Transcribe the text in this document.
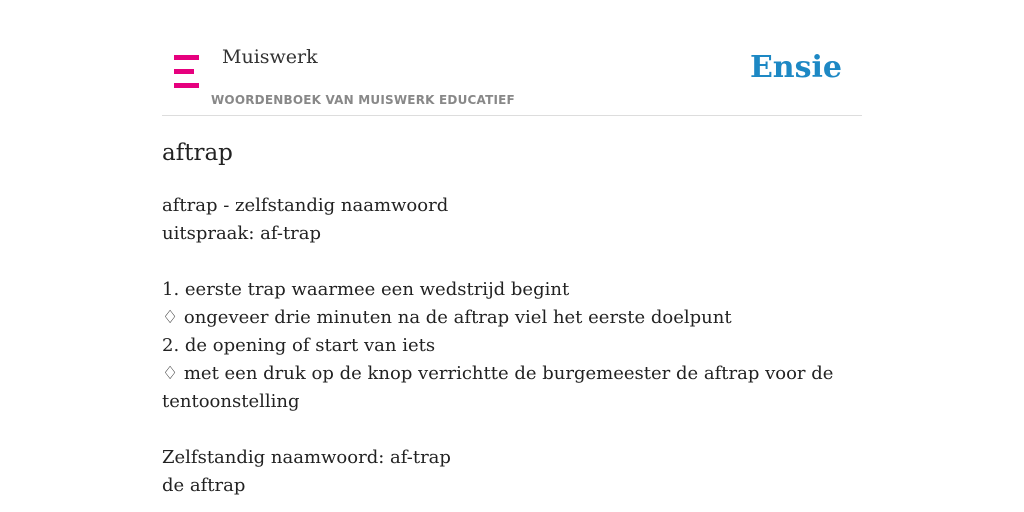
Muiswerk
WOORDENBOEK VAN MUISWERK EDUCATIEF
Ensie
aftrap
aftrap - zelfstandig naamwoord
uitspraak: af-trap
1. eerste trap waarmee een wedstrijd begint
♢ ongeveer drie minuten na de aftrap viel het eerste doelpunt
2. de opening of start van iets
♢ met een druk op de knop verrichtte de burgemeester de aftrap voor de tentoonstelling
Zelfstandig naamwoord: af-trap
de aftrap
